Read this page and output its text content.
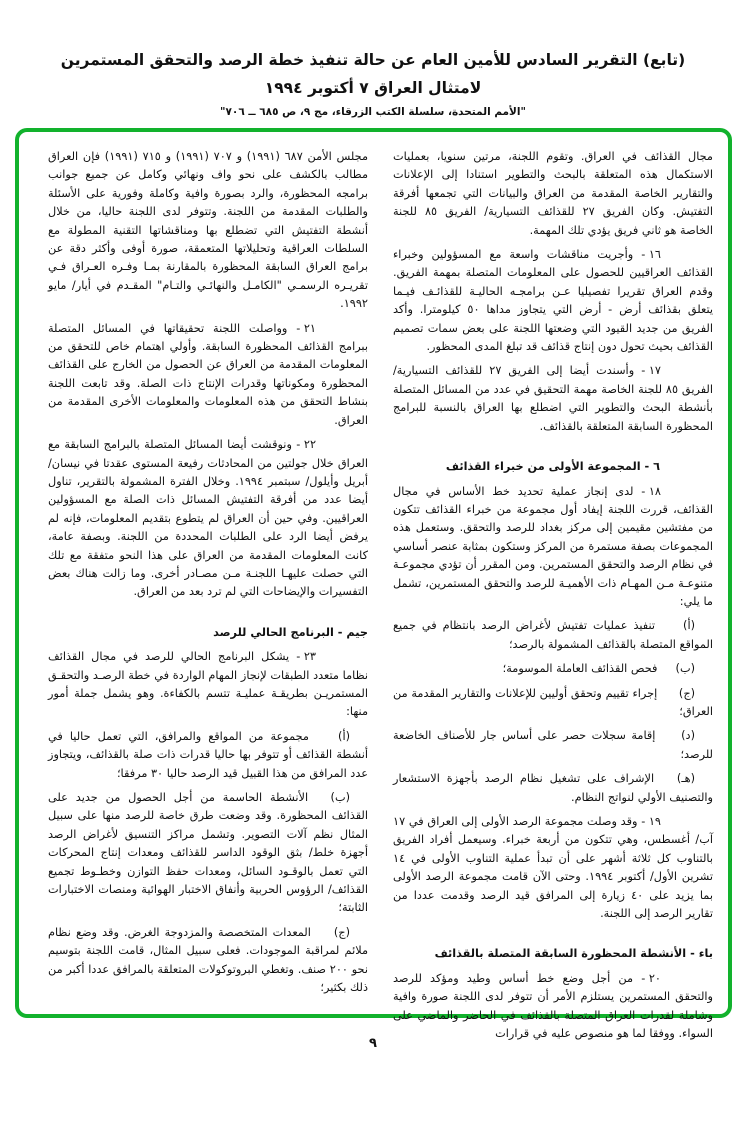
(تابع) التقرير السادس للأمين العام عن حالة تنفيذ خطة الرصد والتحقق المستمرين
لامتثال العراق ٧ أكتوبر ١٩٩٤
"الأمم المتحدة، سلسلة الكتب الزرقاء، مج ٩، ص ٦٨٥ ــ ٧٠٦"

مجال القذائف في العراق. وتقوم اللجنة، مرتين سنويا، بعمليات الاستكمال هذه المتعلقة بالبحث والتطوير استنادا إلى الإعلانات والتقارير الخاصة المقدمة من العراق والبيانات التي تجمعها أفرقة التفتيش. وكان الفريق ٢٧ للقذائف التسيارية/ الفريق ٨٥ للجنة الخاصة هو ثاني فريق يؤدي تلك المهمة.

١٦ - وأجريت مناقشات واسعة مع المسؤولين وخبراء القذائف العراقيين للحصول على المعلومات المتصلة بمهمة الفريق. وقدم العراق تقريرا تفصيليا عـن برامجـه الحاليـة للقذائـف فيـما يتعلق بقذائف أرض - أرض التي يتجاوز مداها ٥٠ كيلومترا. وأكد الفريق من جديد القيود التي وضعتها اللجنة على بعض سمات تصميم القذائف بحيث تحول دون إنتاج قذائف قد تبلغ المدى المحظور.

١٧ - وأسندت أيضا إلى الفريق ٢٧ للقذائف التسيارية/ الفريق ٨٥ للجنة الخاصة مهمة التحقيق في عدد من المسائل المتصلة بأنشطة البحث والتطوير التي اضطلع بها العراق بالنسبة للبرامج المحظورة السابقة المتعلقة بالقذائف.

٦ - المجموعة الأولى من خبراء القذائف

١٨ - لدى إنجاز عملية تحديد خط الأساس في مجال القذائف، قررت اللجنة إيفاد أول مجموعة من خبراء القذائف تتكون من مفتشين مقيمين إلى مركز بغداد للرصد والتحقق. وستعمل هذه المجموعات بصفة مستمرة من المركز وستكون بمثابة عنصر أساسي في نظام الرصد والتحقق المستمرين. ومن المقرر أن تؤدي مجموعـة متنوعـة مـن المهـام ذات الأهميـة للرصد والتحقق المستمرين، تشمل ما يلي:

(أ) تنفيذ عمليات تفتيش لأغراض الرصد بانتظام في جميع المواقع المتصلة بالقذائف المشمولة بالرصد؛

(ب) فحص القذائف العاملة الموسومة؛

(ج) إجراء تقييم وتحقق أوليين للإعلانات والتقارير المقدمة من العراق؛

(د) إقامة سجلات حصر على أساس جار للأصناف الخاضعة للرصد؛

(هـ) الإشراف على تشغيل نظام الرصد بأجهزة الاستشعار والتصنيف الأولي لنواتج النظام.

١٩ - وقد وصلت مجموعة الرصد الأولى إلى العراق في ١٧ آب/ أغسطس، وهي تتكون من أربعة خبراء. وسيعمل أفراد الفريق بالتناوب كل ثلاثة أشهر على أن تبدأ عملية التناوب الأولى في ١٤ تشرين الأول/ أكتوبر ١٩٩٤. وحتى الآن قامت مجموعة الرصد الأولى بما يزيد على ٤٠ زيارة إلى المرافق قيد الرصد وقدمت عددا من تقارير الرصد إلى اللجنة.

باء - الأنشطة المحظورة السابقة المتصلة بالقذائف

٢٠ - من أجل وضع خط أساس وطيد ومؤكد للرصد والتحقق المستمرين يستلزم الأمر أن تتوفر لدى اللجنة صورة وافية وشاملة لقدرات العراق المتصلة بالقذائف في الحاضر والماضي على السواء. ووفقا لما هو منصوص عليه في قرارات

مجلس الأمن ٦٨٧ (١٩٩١) و ٧٠٧ (١٩٩١) و ٧١٥ (١٩٩١) فإن العراق مطالب بالكشف على نحو واف ونهائي وكامل عن جميع جوانب برامجه المحظورة، والرد بصورة وافية وكاملة وفورية على الأسئلة والطلبات المقدمة من اللجنة. وتتوفر لدى اللجنة حاليا، من خلال أنشطة التفتيش التي تضطلع بها ومناقشاتها التقنية المطولة مع السلطات العراقية وتحليلاتها المتعمقة، صورة أوفى وأكثر دقة عن برامج العراق السابقة المحظورة بالمقارنة بمـا وفـره العـراق فـي تقريـره الرسمـي "الكامـل والنهائـي والتـام" المقـدم في أيار/ مايو ١٩٩٢.

٢١ - وواصلت اللجنة تحقيقاتها في المسائل المتصلة ببرامج القذائف المحظورة السابقة. وأولي اهتمام خاص للتحقق من المعلومات المقدمة من العراق عن الحصول من الخارج على القذائف المحظورة ومكوناتها وقدرات الإنتاج ذات الصلة. وقد تابعت اللجنة بنشاط التحقق من هذه المعلومات والمعلومات الأخرى المقدمة من العراق.

٢٢ - ونوقشت أيضا المسائل المتصلة بالبرامج السابقة مع العراق خلال جولتين من المحادثات رفيعة المستوى عقدتا في نيسان/ أبريل وأيلول/ سبتمبر ١٩٩٤. وخلال الفترة المشمولة بالتقرير، تناول أيضا عدد من أفرقة التفتيش المسائل ذات الصلة مع المسؤولين العراقيين. وفي حين أن العراق لم يتطوع بتقديم المعلومات، فإنه لم يرفض أيضا الرد على الطلبات المحددة من اللجنة. وبصفة عامة، كانت المعلومات المقدمة من العراق على هذا النحو متفقة مع تلك التي حصلت عليهـا اللجنـة مـن مصـادر أخرى. وما زالت هناك بعض التفسيرات والإيضاحات التي لم ترد بعد من العراق.

جيم - البرنامج الحالي للرصد

٢٣ - يشكل البرنامج الحالي للرصد في مجال القذائف نظاما متعدد الطبقات لإنجاز المهام الواردة في خطة الرصـد والتحقـق المستمريـن بطريقـة عمليـة تتسم بالكفاءة. وهو يشمل جملة أمور منها:

(أ) مجموعة من المواقع والمرافق، التي تعمل حاليا في أنشطة القذائف أو تتوفر بها حاليا قدرات ذات صلة بالقذائف، ويتجاوز عدد المرافق من هذا القبيل قيد الرصد حاليا ٣٠ مرفقا؛

(ب) الأنشطة الحاسمة من أجل الحصول من جديد على القذائف المحظورة. وقد وضعت طرق خاصة للرصد منها على سبيل المثال نظم آلات التصوير. وتشمل مراكز التنسيق لأغراض الرصد أجهزة خلط/ بثق الوقود الداسر للقذائف ومعدات إنتاج المحركات التي تعمل بالوقـود السائل، ومعدات حفظ التوازن وخطـوط تجميع القذائف/ الرؤوس الحربية وأنفاق الاختبار الهوائية ومنصات الاختبارات الثابتة؛

(ج) المعدات المتخصصة والمزدوجة الغرض. وقد وضع نظام ملائم لمراقبة الموجودات. فعلى سبيل المثال، قامت اللجنة بتوسيم نحو ٢٠٠ صنف. وتغطي البروتوكولات المتعلقة بالمرافق عددا أكبر من ذلك بكثير؛

٩
